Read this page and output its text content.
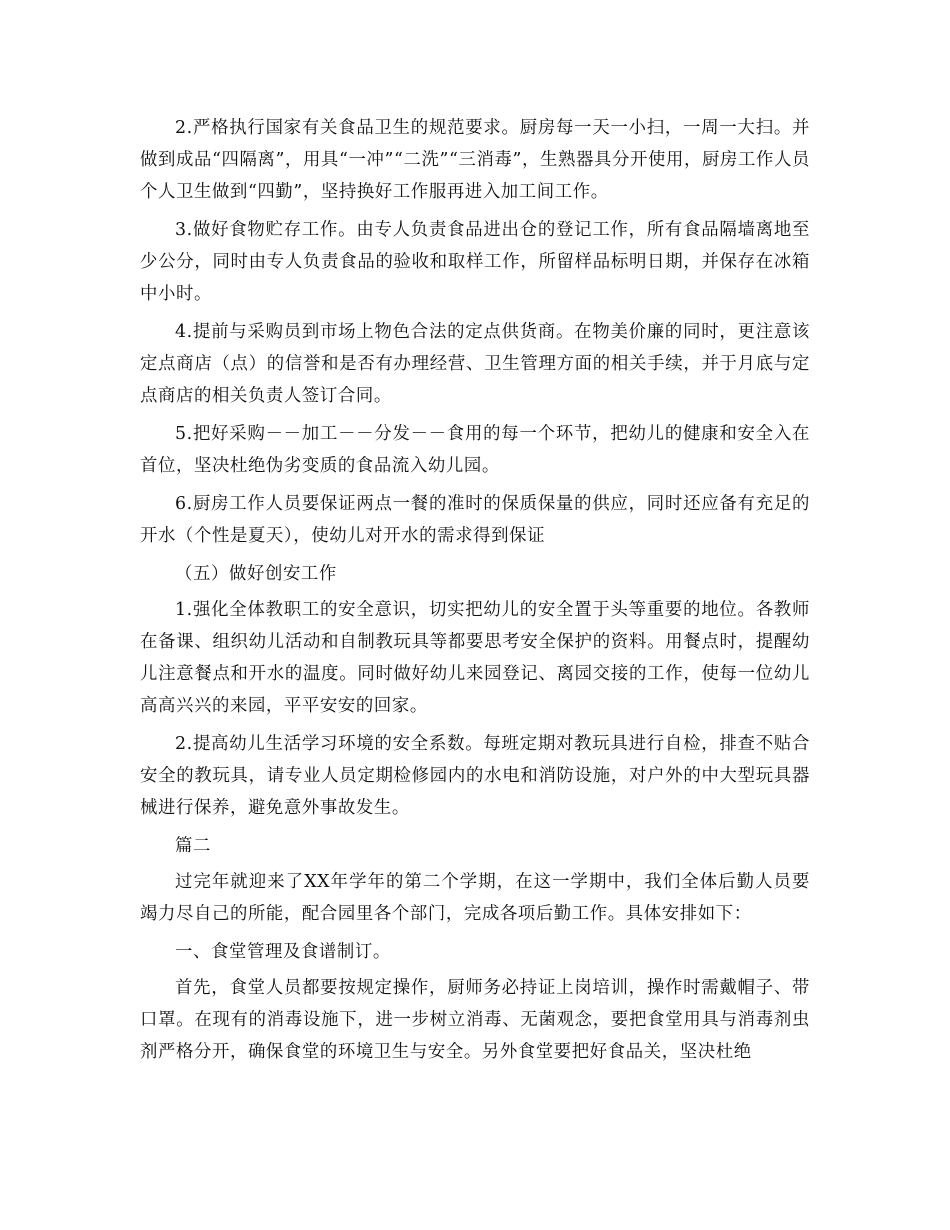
2.严格执行国家有关食品卫生的规范要求。厨房每一天一小扫，一周一大扫。并做到成品“四隔离”，用具“一冲”“二洗”“三消毒”，生熟器具分开使用，厨房工作人员个人卫生做到“四勤”，坚持换好工作服再进入加工间工作。

3.做好食物贮存工作。由专人负责食品进出仓的登记工作，所有食品隔墙离地至少公分，同时由专人负责食品的验收和取样工作，所留样品标明日期，并保存在冰箱中小时。

4.提前与采购员到市场上物色合法的定点供货商。在物美价廉的同时，更注意该定点商店（点）的信誉和是否有办理经营、卫生管理方面的相关手续，并于月底与定点商店的相关负责人签订合同。

5.把好采购－－加工－－分发－－食用的每一个环节，把幼儿的健康和安全入在首位，坚决杜绝伪劣变质的食品流入幼儿园。

6.厨房工作人员要保证两点一餐的准时的保质保量的供应，同时还应备有充足的开水（个性是夏天），使幼儿对开水的需求得到保证

（五）做好创安工作

1.强化全体教职工的安全意识，切实把幼儿的安全置于头等重要的地位。各教师在备课、组织幼儿活动和自制教玩具等都要思考安全保护的资料。用餐点时，提醒幼儿注意餐点和开水的温度。同时做好幼儿来园登记、离园交接的工作，使每一位幼儿高高兴兴的来园，平平安安的回家。

2.提高幼儿生活学习环境的安全系数。每班定期对教玩具进行自检，排查不贴合安全的教玩具，请专业人员定期检修园内的水电和消防设施，对户外的中大型玩具器械进行保养，避免意外事故发生。

篇二

过完年就迎来了XX年学年的第二个学期，在这一学期中，我们全体后勤人员要竭力尽自己的所能，配合园里各个部门，完成各项后勤工作。具体安排如下：

一、食堂管理及食谱制订。

首先，食堂人员都要按规定操作，厨师务必持证上岗培训，操作时需戴帽子、带口罩。在现有的消毒设施下，进一步树立消毒、无菌观念，要把食堂用具与消毒剂虫剂严格分开，确保食堂的环境卫生与安全。另外食堂要把好食品关，坚决杜绝
